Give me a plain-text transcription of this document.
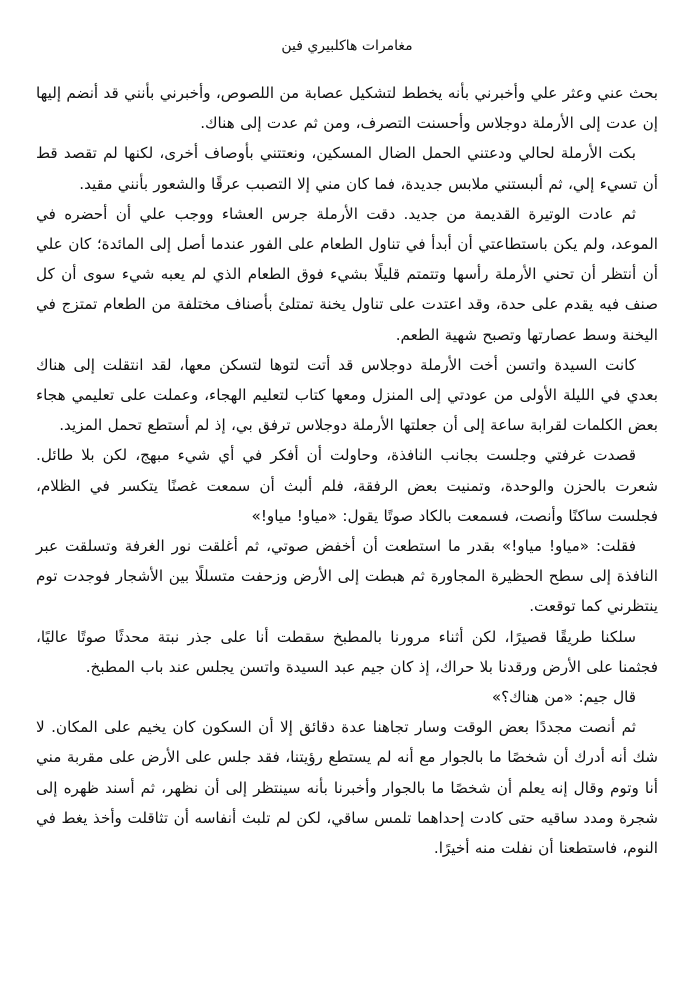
مغامرات هاكلبيري فين

بحث عني وعثر علي وأخبرني بأنه يخطط لتشكيل عصابة من اللصوص، وأخبرني بأنني قد أنضم إليها إن عدت إلى الأرملة دوجلاس وأحسنت التصرف، ومن ثم عدت إلى هناك.

بكت الأرملة لحالي ودعتني الحمل الضال المسكين، ونعتتني بأوصاف أخرى، لكنها لم تقصد قط أن تسيء إلي، ثم ألبستني ملابس جديدة، فما كان مني إلا التصبب عرقًا والشعور بأنني مقيد.

ثم عادت الوتيرة القديمة من جديد. دقت الأرملة جرس العشاء ووجب علي أن أحضره في الموعد، ولم يكن باستطاعتي أن أبدأ في تناول الطعام على الفور عندما أصل إلى المائدة؛ كان علي أن أنتظر أن تحني الأرملة رأسها وتتمتم قليلًا بشيء فوق الطعام الذي لم يعبه شيء سوى أن كل صنف فيه يقدم على حدة، وقد اعتدت على تناول يخنة تمتلئ بأصناف مختلفة من الطعام تمتزج في اليخنة وسط عصارتها وتصبح شهية الطعم.

كانت السيدة واتسن أخت الأرملة دوجلاس قد أتت لتوها لتسكن معها، لقد انتقلت إلى هناك بعدي في الليلة الأولى من عودتي إلى المنزل ومعها كتاب لتعليم الهجاء، وعملت على تعليمي هجاء بعض الكلمات لقرابة ساعة إلى أن جعلتها الأرملة دوجلاس ترفق بي، إذ لم أستطع تحمل المزيد.

قصدت غرفتي وجلست بجانب النافذة، وحاولت أن أفكر في أي شيء مبهج، لكن بلا طائل. شعرت بالحزن والوحدة، وتمنيت بعض الرفقة، فلم ألبث أن سمعت غصنًا يتكسر في الظلام، فجلست ساكنًا وأنصت، فسمعت بالكاد صوتًا يقول: «مياو! مياو!»

فقلت: «مياو! مياو!» بقدر ما استطعت أن أخفض صوتي، ثم أغلقت نور الغرفة وتسلقت عبر النافذة إلى سطح الحظيرة المجاورة ثم هبطت إلى الأرض وزحفت متسللًا بين الأشجار فوجدت توم ينتظرني كما توقعت.

سلكنا طريقًا قصيرًا، لكن أثناء مرورنا بالمطبخ سقطت أنا على جذر نبتة محدثًا صوتًا عاليًا، فجثمنا على الأرض ورقدنا بلا حراك، إذ كان جيم عبد السيدة واتسن يجلس عند باب المطبخ.

قال جيم: «من هناك؟»

ثم أنصت مجددًا بعض الوقت وسار تجاهنا عدة دقائق إلا أن السكون كان يخيم على المكان. لا شك أنه أدرك أن شخصًا ما بالجوار مع أنه لم يستطع رؤيتنا، فقد جلس على الأرض على مقربة مني أنا وتوم وقال إنه يعلم أن شخصًا ما بالجوار وأخبرنا بأنه سينتظر إلى أن نظهر، ثم أسند ظهره إلى شجرة ومدد ساقيه حتى كادت إحداهما تلمس ساقي، لكن لم تلبث أنفاسه أن تثاقلت وأخذ يغط في النوم، فاستطعنا أن نفلت منه أخيرًا.
